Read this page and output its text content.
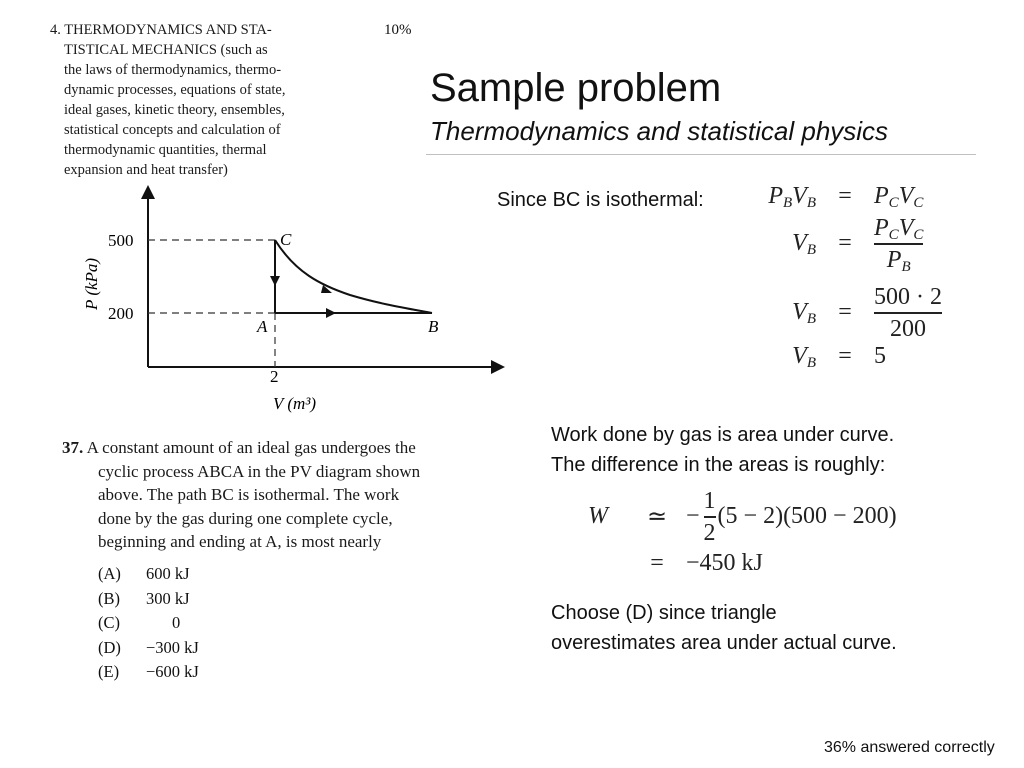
4. THERMODYNAMICS AND STA-
TISTICAL MECHANICS (such as
the laws of thermodynamics, thermo-
dynamic processes, equations of state,
ideal gases, kinetic theory, ensembles,
statistical concepts and calculation of
thermodynamic quantities, thermal
expansion and heat transfer)
10%
500
200
2
C
A	B
P (kPa)
V (m³)
37. A constant amount of an ideal gas undergoes the
cyclic process ABCA in the PV diagram shown
above. The path BC is isothermal. The work
done by the gas during one complete cycle,
beginning and ending at A, is most nearly
(A)	600 kJ
(B)	300 kJ
(C)	0
(D)	−300 kJ
(E)	−600 kJ
Sample problem
Thermodynamics and statistical physics
Since BC is isothermal:	$P_BV_B = P_CV_C$
$V_B = \frac{P_CV_C}{P_B}$
$V_B = \frac{500 \cdot 2}{200}$
$V_B = 5$
Work done by gas is area under curve.
The difference in the areas is roughly:
W	≃ − $\frac{1}{2} (5 - 2)(500 - 200)$
= −450 kJ
Choose (D) since triangle
overestimates area under actual curve.
36% answered correctly
